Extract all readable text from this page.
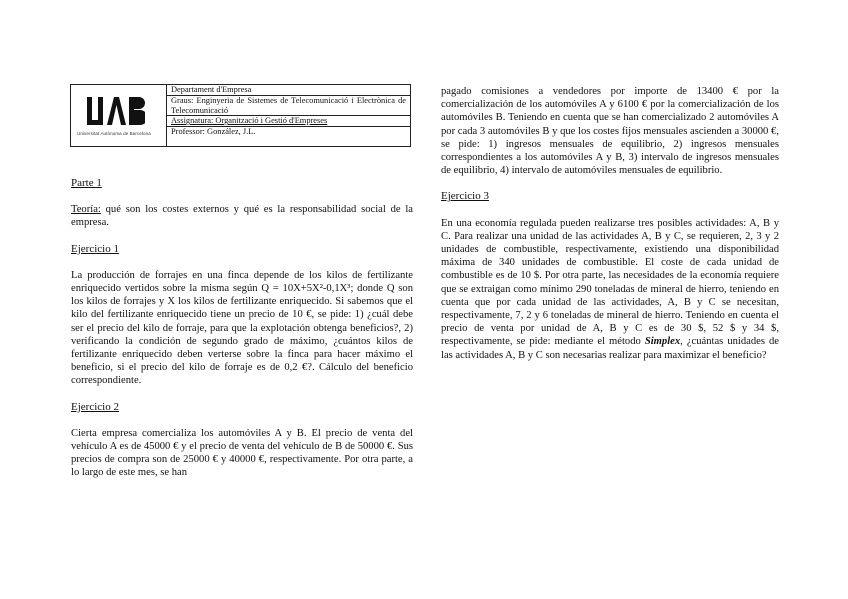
Universitat Autònoma de Barcelona
Departament d'Empresa
Graus: Enginyeria de Sistemes de Telecomunicació i Electrònica de Telecomunicació
Assignatura: Organització i Gestió d'Empreses
Professor: González, J.L.

Parte 1

Teoría: qué son los costes externos y qué es la responsabilidad social de la empresa.

Ejercicio 1

La producción de forrajes en una finca depende de los kilos de fertilizante enriquecido vertidos sobre la misma según Q = 10X+5X²-0,1X³; donde Q son los kilos de forrajes y X los kilos de fertilizante enriquecido. Si sabemos que el kilo del fertilizante enriquecido tiene un precio de 10 €, se pide: 1) ¿cuál debe ser el precio del kilo de forraje, para que la explotación obtenga beneficios?, 2) verificando la condición de segundo grado de máximo, ¿cuántos kilos de fertilizante enriquecido deben verterse sobre la finca para hacer máximo el beneficio, si el precio del kilo de forraje es de 0,2 €?. Cálculo del beneficio correspondiente.

Ejercicio 2

Cierta empresa comercializa los automóviles A y B. El precio de venta del vehículo A es de 45000 € y el precio de venta del vehículo de B de 50000 €. Sus precios de compra son de 25000 € y 40000 €, respectivamente. Por otra parte, a lo largo de este mes, se han

pagado comisiones a vendedores por importe de 13400 € por la comercialización de los automóviles A y 6100 € por la comercialización de los automóviles B. Teniendo en cuenta que se han comercializado 2 automóviles A por cada 3 automóviles B y que los costes fijos mensuales ascienden a 30000 €, se pide: 1) ingresos mensuales de equilibrio, 2) ingresos mensuales correspondientes a los automóviles A y B, 3) intervalo de ingresos mensuales de equilibrio, 4) intervalo de automóviles mensuales de equilibrio.

Ejercicio 3

En una economía regulada pueden realizarse tres posibles actividades: A, B y C. Para realizar una unidad de las actividades A, B y C, se requieren, 2, 3 y 2 unidades de combustible, respectivamente, existiendo una disponibilidad máxima de 340 unidades de combustible. El coste de cada unidad de combustible es de 10 $. Por otra parte, las necesidades de la economía requiere que se extraigan como mínimo 290 toneladas de mineral de hierro, teniendo en cuenta que por cada unidad de las actividades, A, B y C se necesitan, respectivamente, 7, 2 y 6 toneladas de mineral de hierro. Teniendo en cuenta el precio de venta por unidad de A, B y C es de 30 $, 52 $ y 34 $, respectivamente, se pide: mediante el método Simplex, ¿cuántas unidades de las actividades A, B y C son necesarias realizar para maximizar el beneficio?
